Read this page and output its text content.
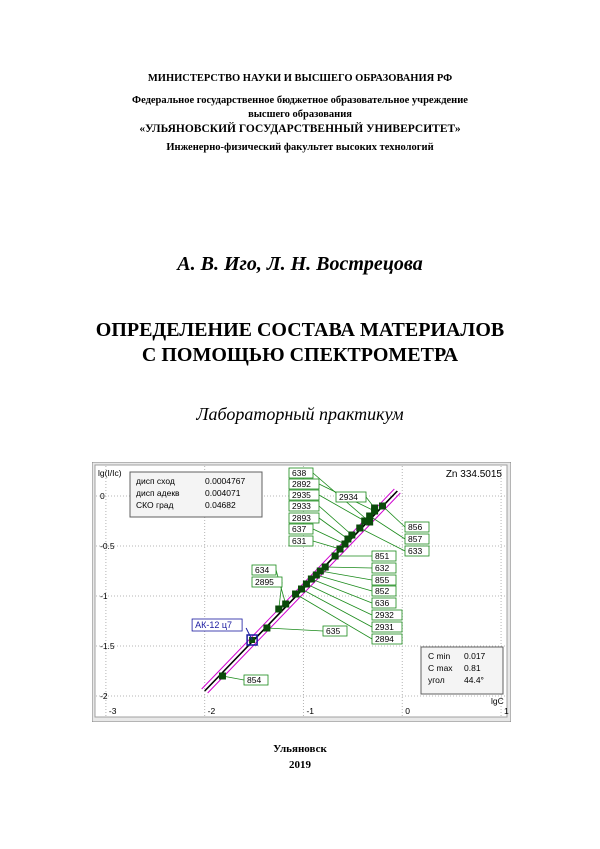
МИНИСТЕРСТВО НАУКИ И ВЫСШЕГО ОБРАЗОВАНИЯ РФ
Федеральное государственное бюджетное образовательное учреждение
высшего образования
«УЛЬЯНОВСКИЙ ГОСУДАРСТВЕННЫЙ УНИВЕРСИТЕТ»
Инженерно-физический факультет высоких технологий
А. В. Иго, Л. Н. Вострецова
ОПРЕДЕЛЕНИЕ СОСТАВА МАТЕРИАЛОВ
С ПОМОЩЬЮ СПЕКТРОМЕТРА
Лабораторный практикум
-3	-2	-1	0	1
0
-0.5
-1
-1.5
-2
lg(I/Ic)
lgC
Zn 334.5015
854
635
2895
634
2894
2931
2932
636
852
855
632
851
631
637
2893
2933
633
2935
857
2892
638
856
2934
АК-12 ц7
дисп сход	0.0004767
дисп адекв	0.004071
СКО град	0.04682
C min 0.017
C max 0.81
угол 44.4°
Ульяновск
2019
